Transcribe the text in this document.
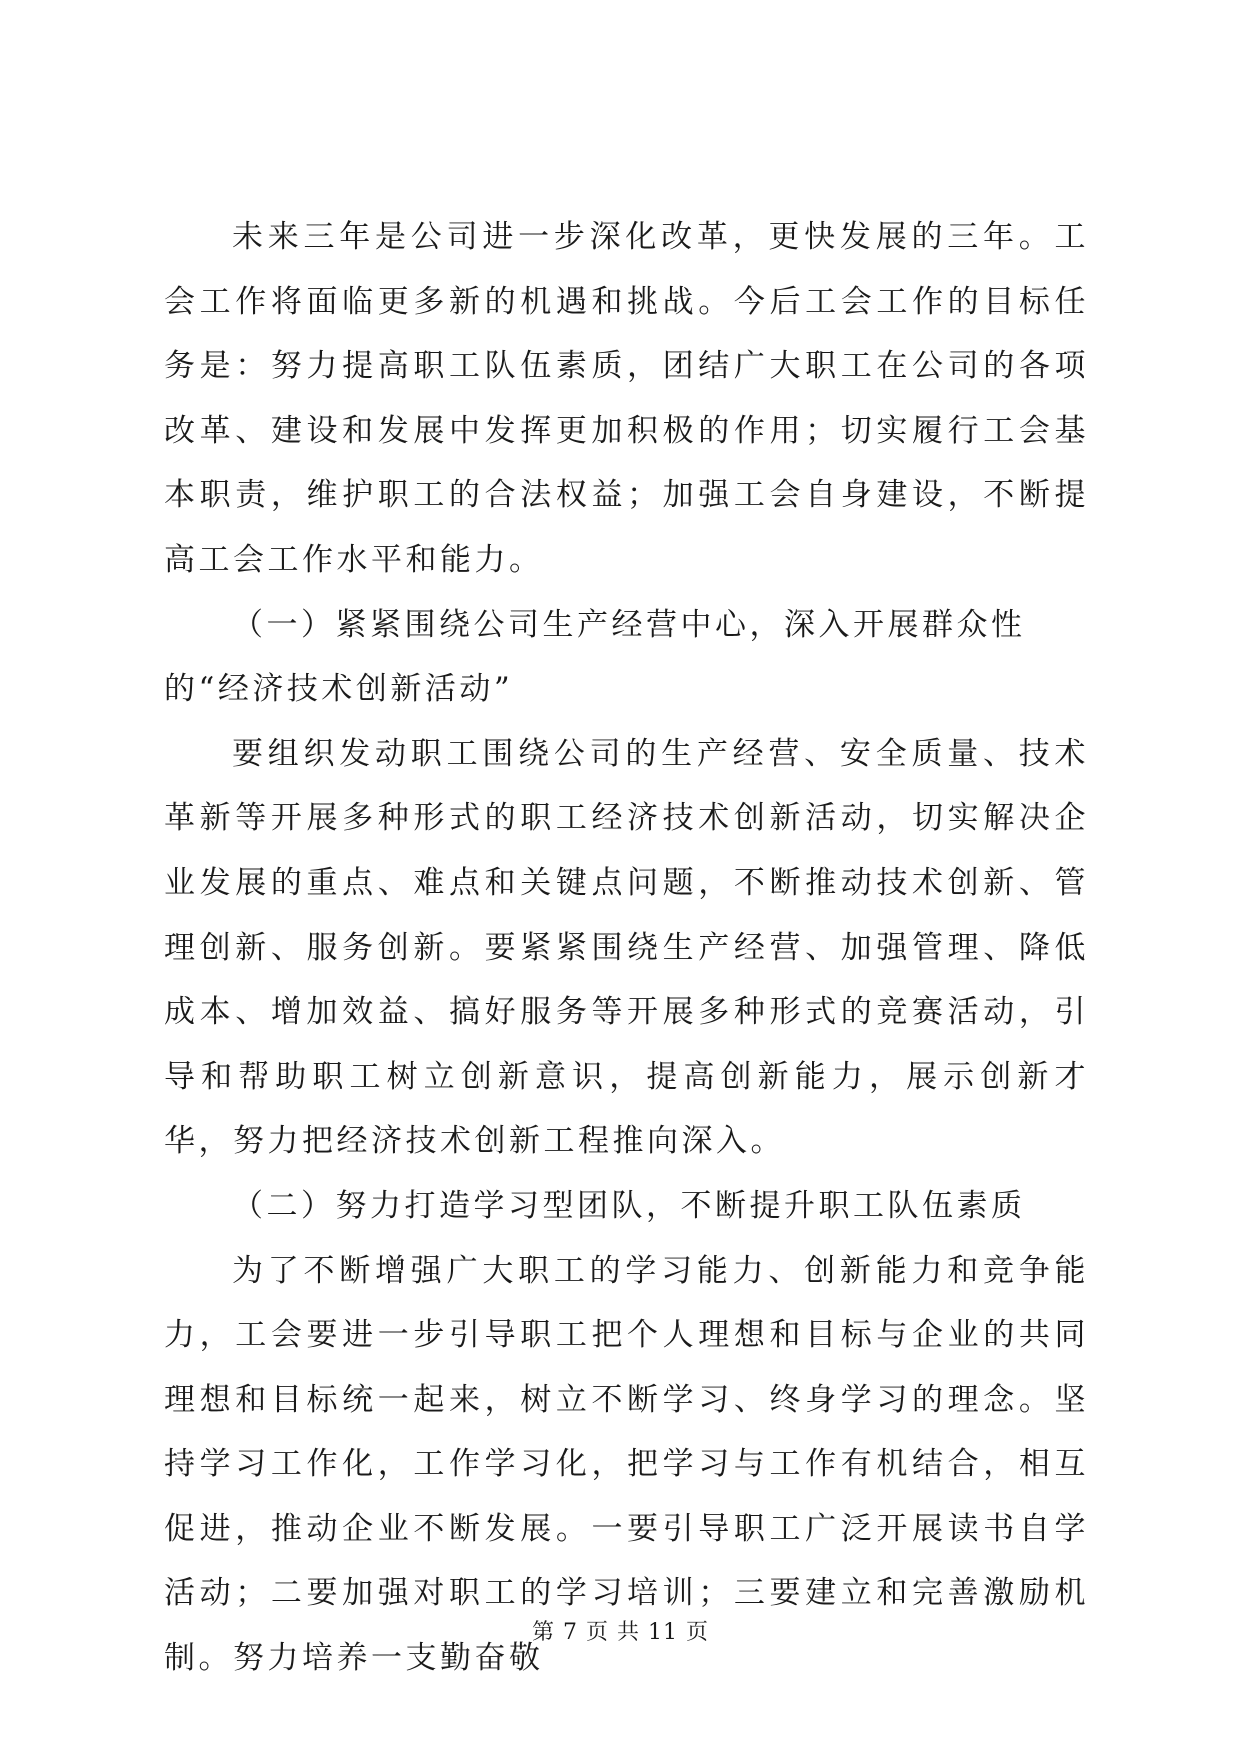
未来三年是公司进一步深化改革，更快发展的三年。工会工作将面临更多新的机遇和挑战。今后工会工作的目标任务是：努力提高职工队伍素质，团结广大职工在公司的各项改革、建设和发展中发挥更加积极的作用；切实履行工会基本职责，维护职工的合法权益；加强工会自身建设，不断提高工会工作水平和能力。

（一）紧紧围绕公司生产经营中心，深入开展群众性的“经济技术创新活动”

要组织发动职工围绕公司的生产经营、安全质量、技术革新等开展多种形式的职工经济技术创新活动，切实解决企业发展的重点、难点和关键点问题，不断推动技术创新、管理创新、服务创新。要紧紧围绕生产经营、加强管理、降低成本、增加效益、搞好服务等开展多种形式的竞赛活动，引导和帮助职工树立创新意识，提高创新能力，展示创新才华，努力把经济技术创新工程推向深入。

（二）努力打造学习型团队，不断提升职工队伍素质

为了不断增强广大职工的学习能力、创新能力和竞争能力，工会要进一步引导职工把个人理想和目标与企业的共同理想和目标统一起来，树立不断学习、终身学习的理念。坚持学习工作化，工作学习化，把学习与工作有机结合，相互促进，推动企业不断发展。一要引导职工广泛开展读书自学活动；二要加强对职工的学习培训；三要建立和完善激励机制。努力培养一支勤奋敬

第 7 页 共 11 页
